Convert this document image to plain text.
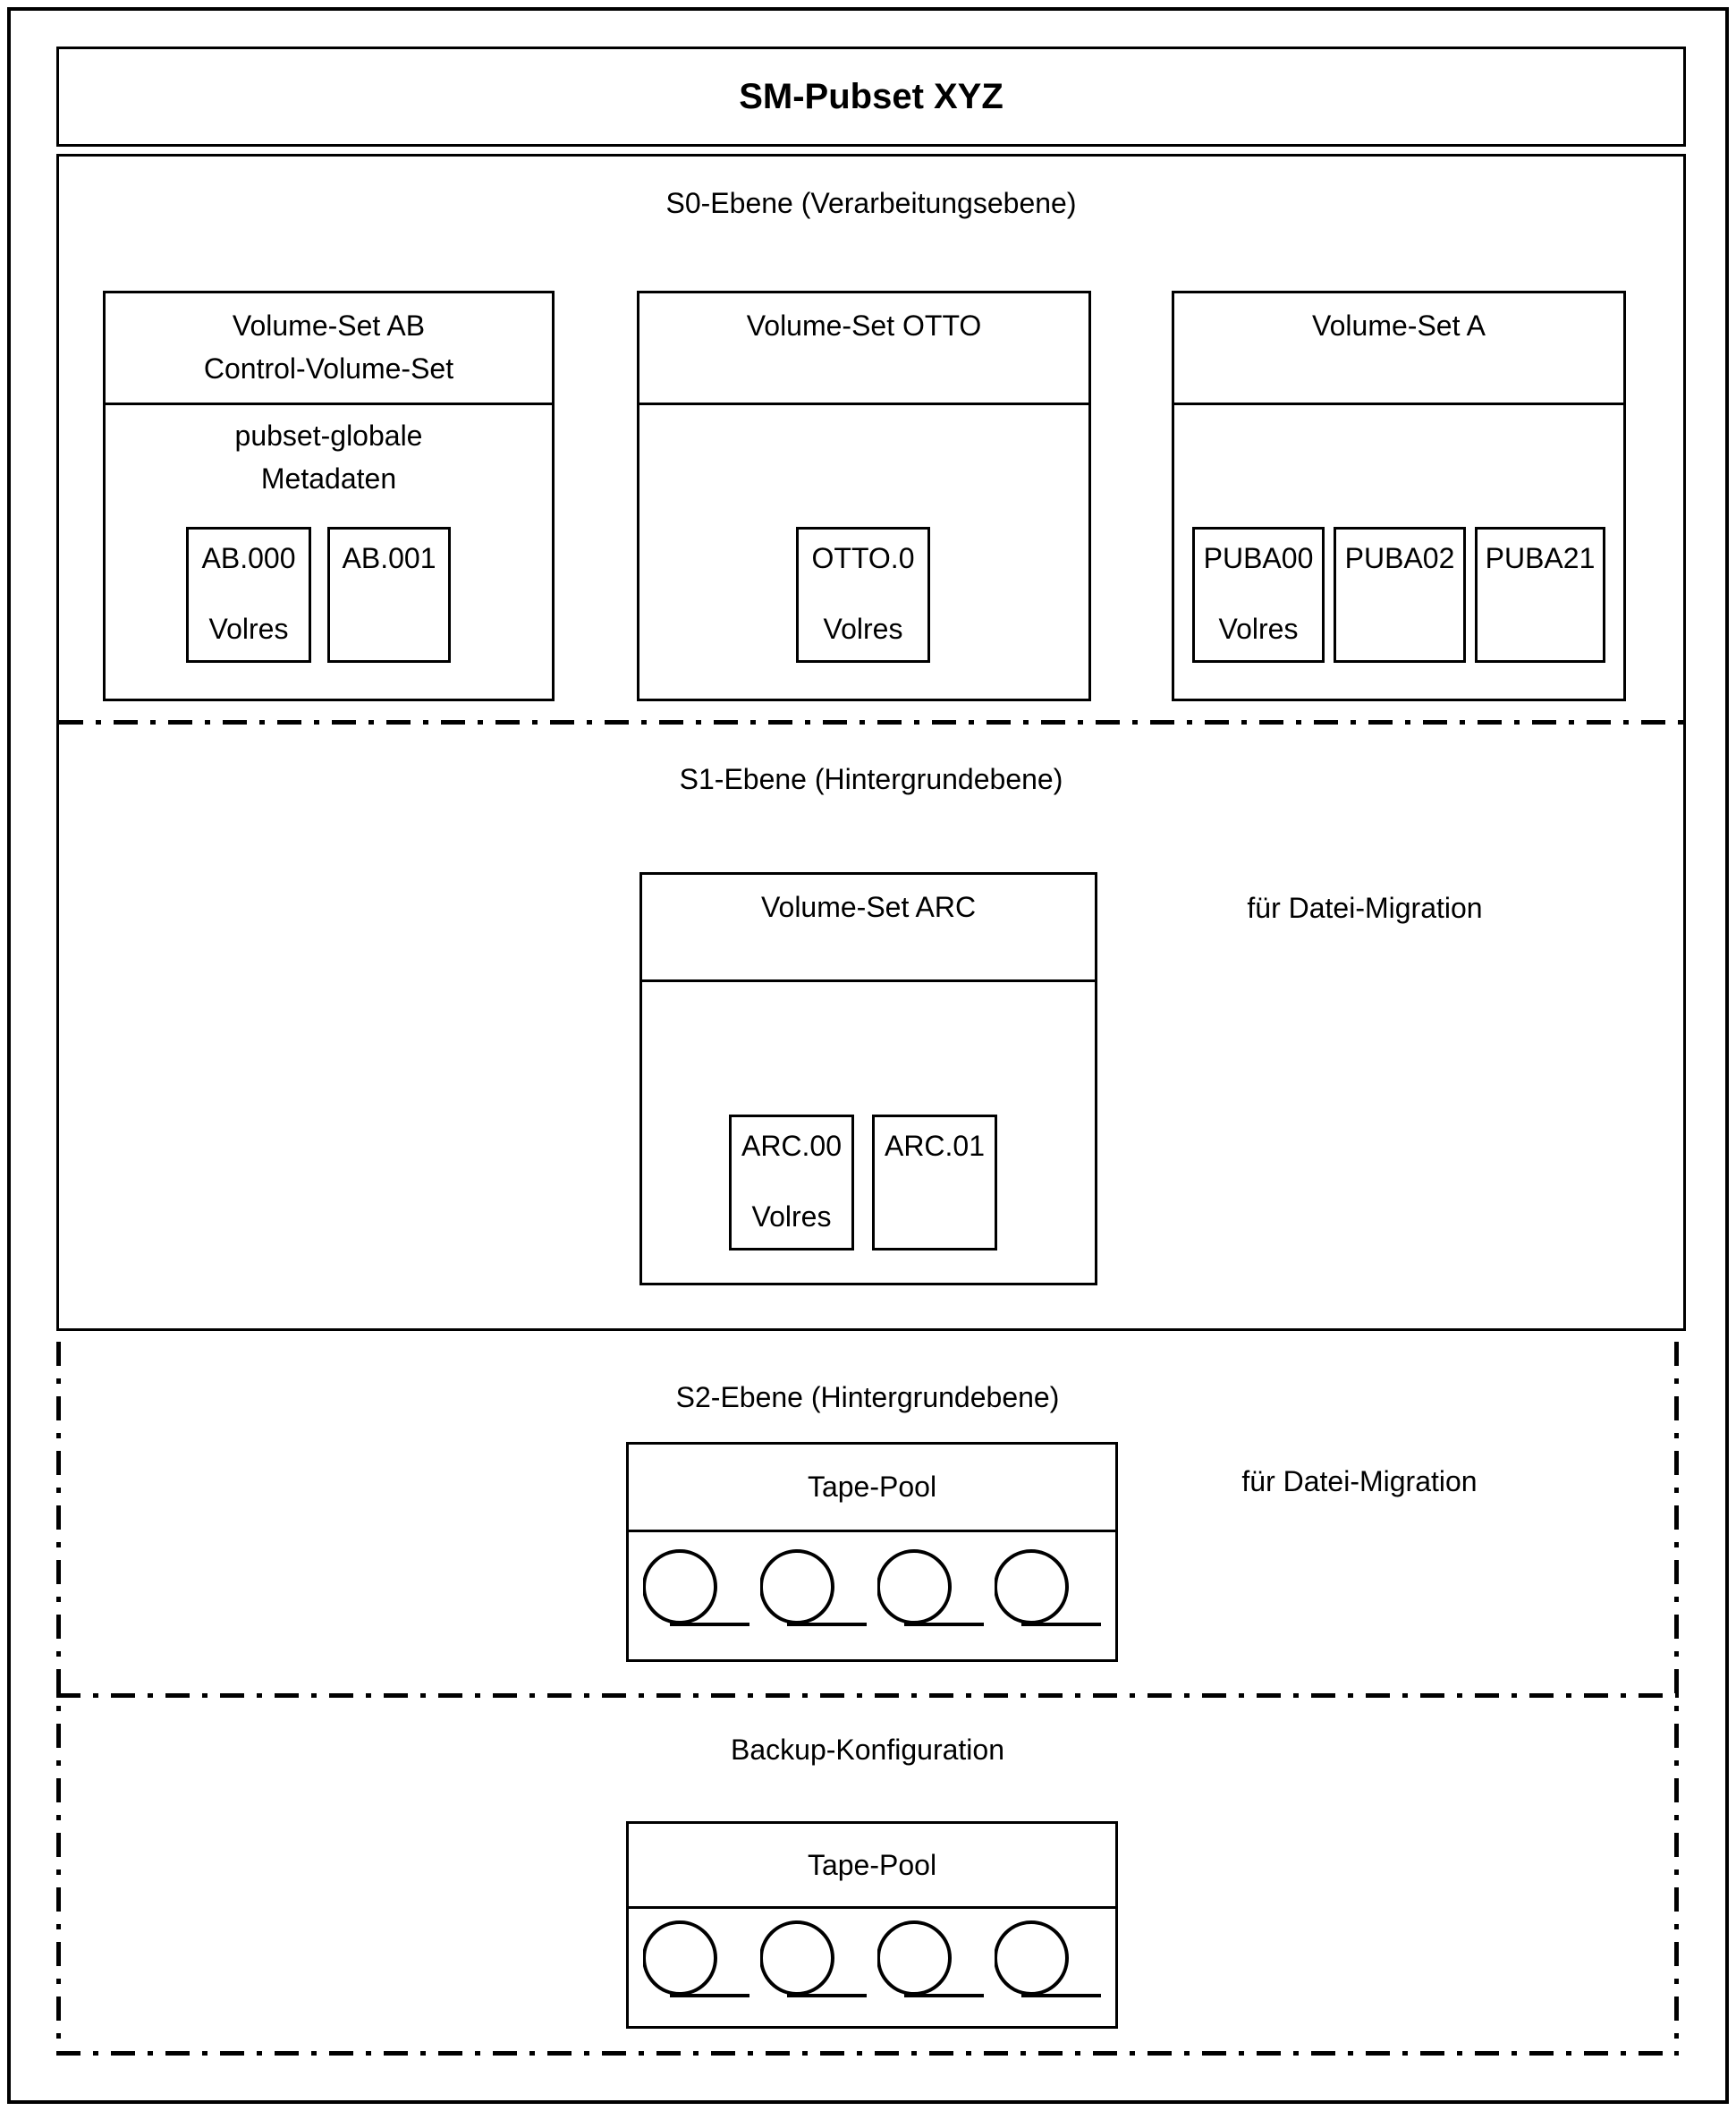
SM-Pubset XYZ
S0-Ebene (Verarbeitungsebene)
Volume-Set AB
Control-Volume-Set
pubset-globale
Metadaten
AB.000
Volres
AB.001
Volume-Set OTTO
OTTO.0
Volres
Volume-Set A
PUBA00
Volres
PUBA02	PUBA21
S1-Ebene (Hintergrundebene)
Volume-Set ARC
ARC.00
Volres
ARC.01
für Datei-Migration
S2-Ebene (Hintergrundebene)
Tape-Pool	für Datei-Migration
Backup-Konfiguration
Tape-Pool
